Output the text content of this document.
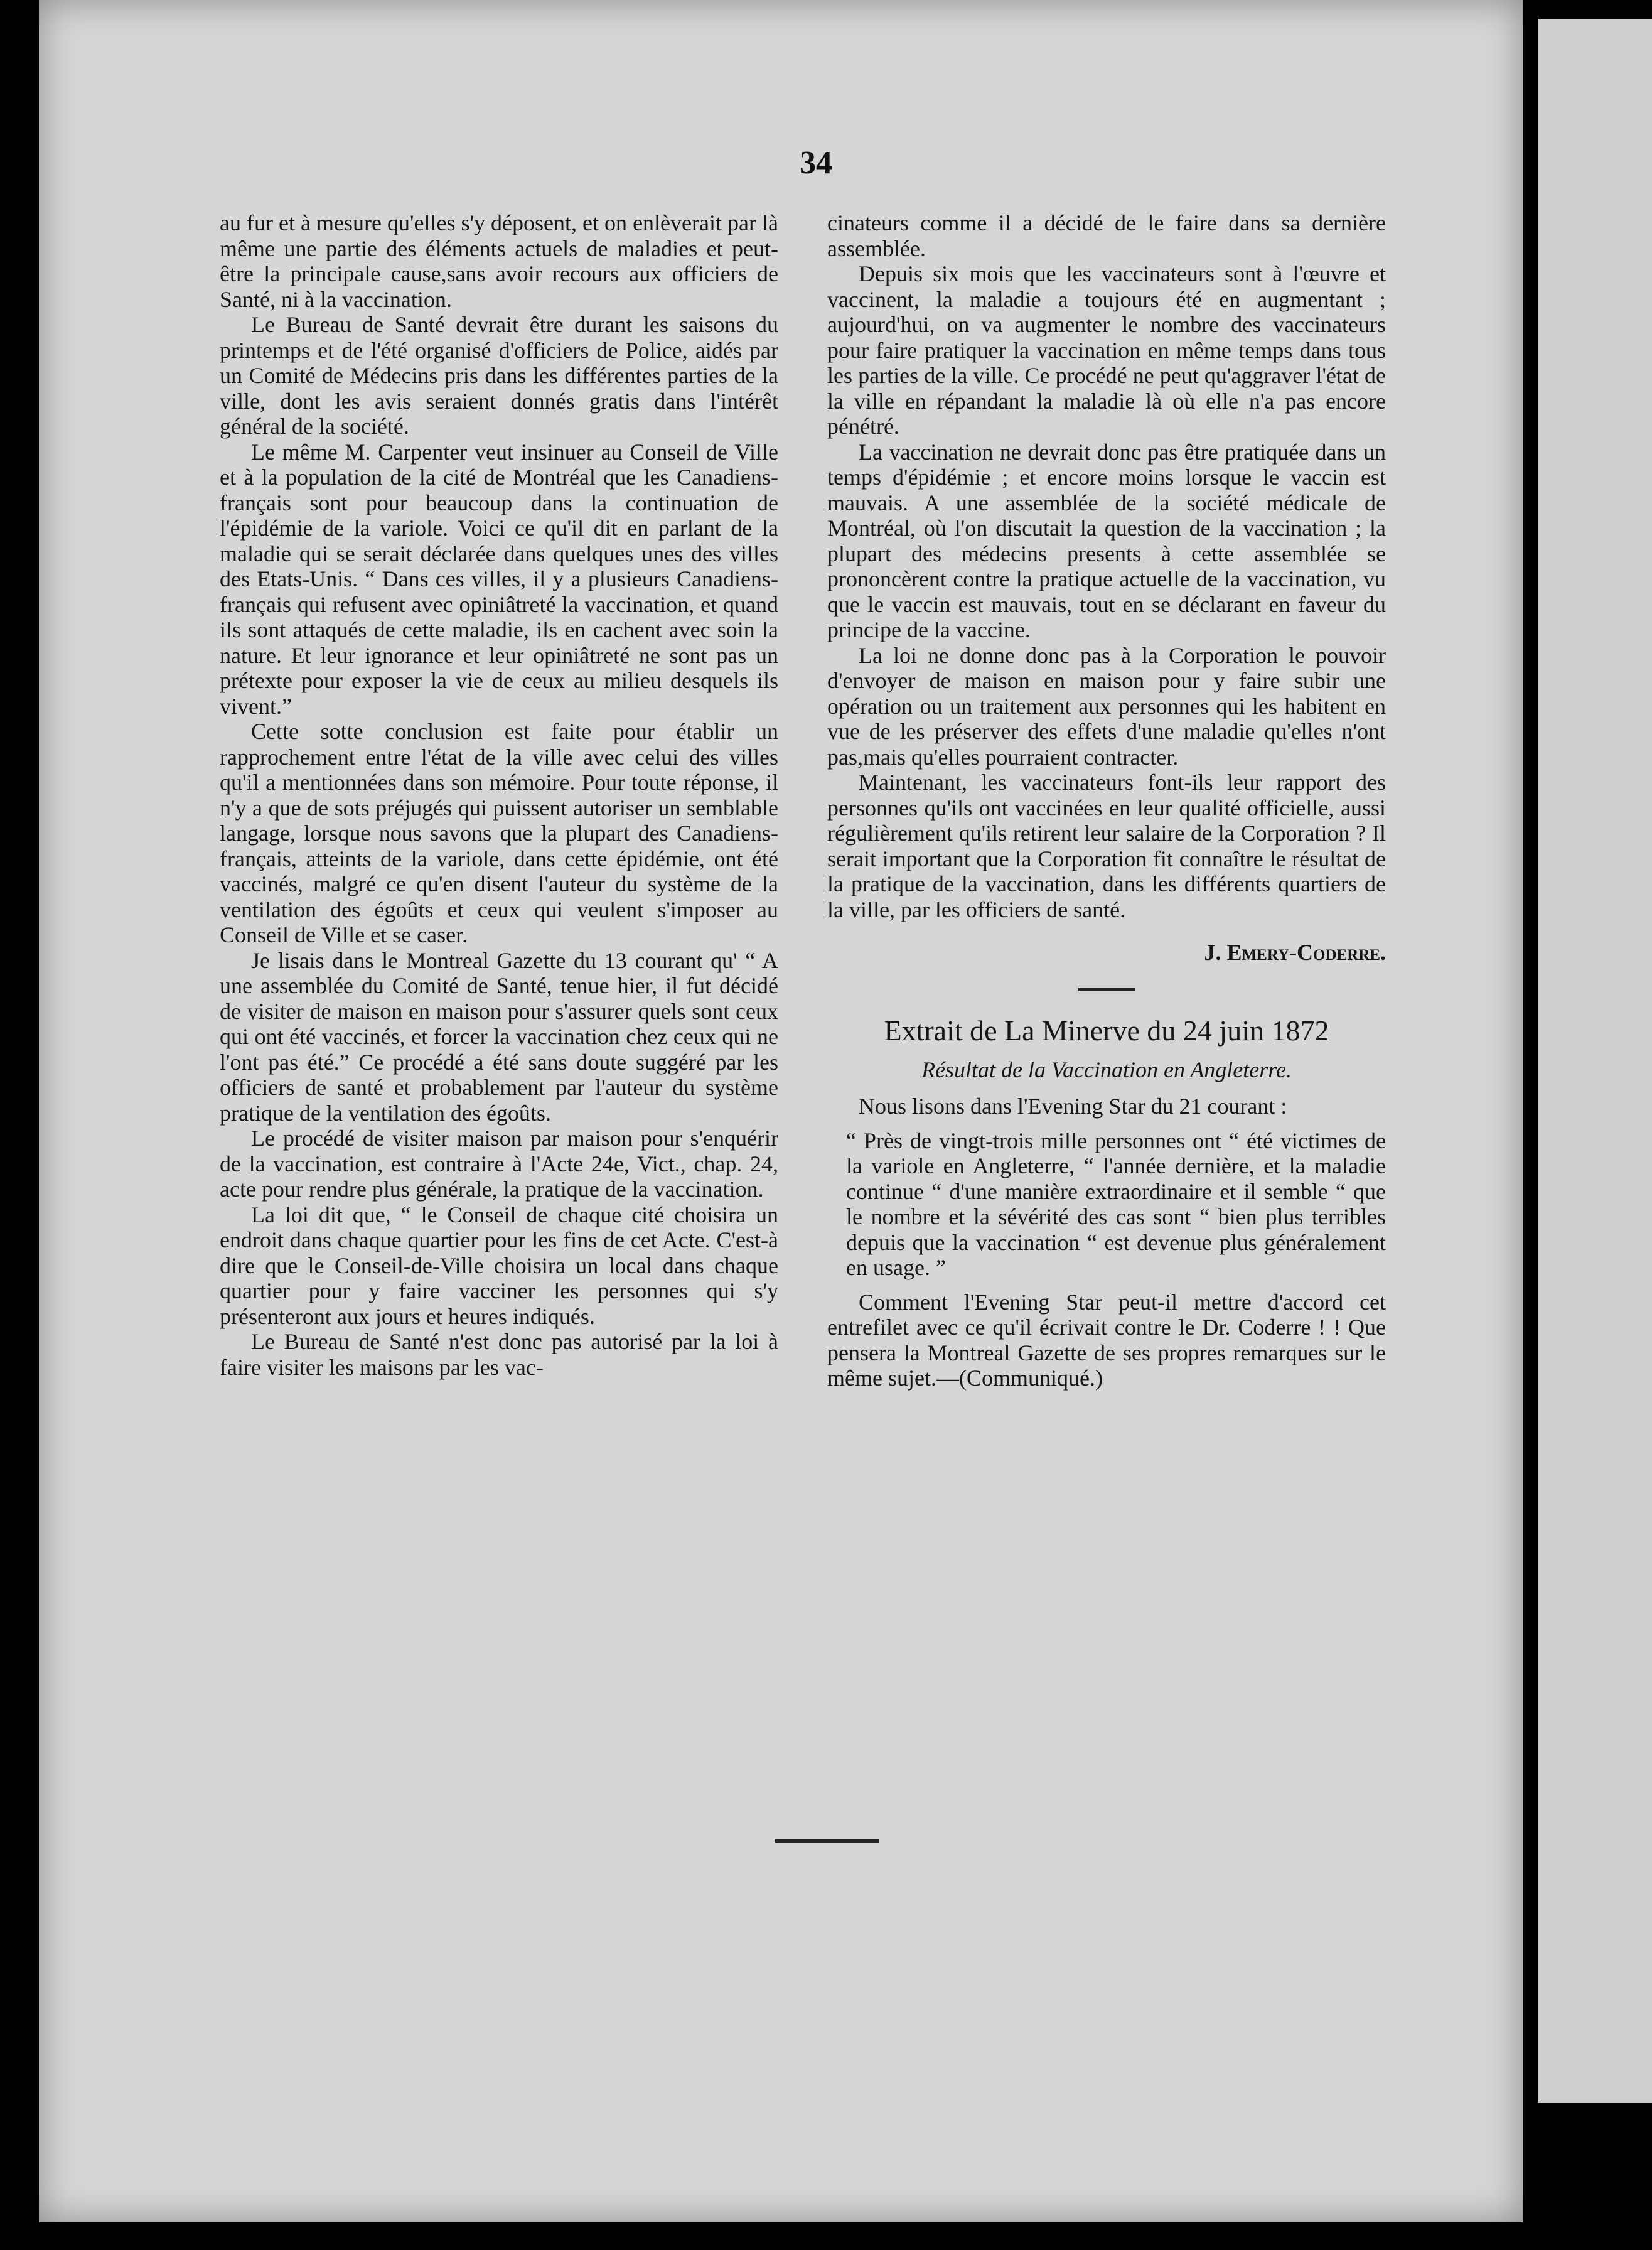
34

au fur et à mesure qu'elles s'y déposent, et on enlèverait par là même une partie des éléments actuels de maladies et peut-être la principale cause,sans avoir recours aux officiers de Santé, ni à la vaccination.

Le Bureau de Santé devrait être durant les saisons du printemps et de l'été organisé d'officiers de Police, aidés par un Comité de Médecins pris dans les différentes parties de la ville, dont les avis seraient donnés gratis dans l'intérêt général de la société.

Le même M. Carpenter veut insinuer au Conseil de Ville et à la population de la cité de Montréal que les Canadiens-français sont pour beaucoup dans la continuation de l'épidémie de la variole. Voici ce qu'il dit en parlant de la maladie qui se serait déclarée dans quelques unes des villes des Etats-Unis. “ Dans ces villes, il y a plusieurs Canadiens-français qui refusent avec opiniâtreté la vaccination, et quand ils sont attaqués de cette maladie, ils en cachent avec soin la nature. Et leur ignorance et leur opiniâtreté ne sont pas un prétexte pour exposer la vie de ceux au milieu desquels ils vivent.”

Cette sotte conclusion est faite pour établir un rapprochement entre l'état de la ville avec celui des villes qu'il a mentionnées dans son mémoire. Pour toute réponse, il n'y a que de sots préjugés qui puissent autoriser un semblable langage, lorsque nous savons que la plupart des Canadiens-français, atteints de la variole, dans cette épidémie, ont été vaccinés, malgré ce qu'en disent l'auteur du système de la ventilation des égoûts et ceux qui veulent s'imposer au Conseil de Ville et se caser.

Je lisais dans le Montreal Gazette du 13 courant qu' “ A une assemblée du Comité de Santé, tenue hier, il fut décidé de visiter de maison en maison pour s'assurer quels sont ceux qui ont été vaccinés, et forcer la vaccination chez ceux qui ne l'ont pas été.” Ce procédé a été sans doute suggéré par les officiers de santé et probablement par l'auteur du système pratique de la ventilation des égoûts.

Le procédé de visiter maison par maison pour s'enquérir de la vaccination, est contraire à l'Acte 24e, Vict., chap. 24, acte pour rendre plus générale, la pratique de la vaccination.

La loi dit que, “ le Conseil de chaque cité choisira un endroit dans chaque quartier pour les fins de cet Acte. C'est-à dire que le Conseil-de-Ville choisira un local dans chaque quartier pour y faire vacciner les personnes qui s'y présenteront aux jours et heures indiqués.

Le Bureau de Santé n'est donc pas autorisé par la loi à faire visiter les maisons par les vac-

cinateurs comme il a décidé de le faire dans sa dernière assemblée.

Depuis six mois que les vaccinateurs sont à l'œuvre et vaccinent, la maladie a toujours été en augmentant ; aujourd'hui, on va augmenter le nombre des vaccinateurs pour faire pratiquer la vaccination en même temps dans tous les parties de la ville. Ce procédé ne peut qu'aggraver l'état de la ville en répandant la maladie là où elle n'a pas encore pénétré.

La vaccination ne devrait donc pas être pratiquée dans un temps d'épidémie ; et encore moins lorsque le vaccin est mauvais. A une assemblée de la société médicale de Montréal, où l'on discutait la question de la vaccination ; la plupart des médecins presents à cette assemblée se prononcèrent contre la pratique actuelle de la vaccination, vu que le vaccin est mauvais, tout en se déclarant en faveur du principe de la vaccine.

La loi ne donne donc pas à la Corporation le pouvoir d'envoyer de maison en maison pour y faire subir une opération ou un traitement aux personnes qui les habitent en vue de les préserver des effets d'une maladie qu'elles n'ont pas,mais qu'elles pourraient contracter.

Maintenant, les vaccinateurs font-ils leur rapport des personnes qu'ils ont vaccinées en leur qualité officielle, aussi régulièrement qu'ils retirent leur salaire de la Corporation ? Il serait important que la Corporation fit connaître le résultat de la pratique de la vaccination, dans les différents quartiers de la ville, par les officiers de santé.

J. Emery-Coderre.

Extrait de La Minerve du 24 juin 1872

Résultat de la Vaccination en Angleterre.

Nous lisons dans l'Evening Star du 21 courant :

“ Près de vingt-trois mille personnes ont “ été victimes de la variole en Angleterre, “ l'année dernière, et la maladie continue “ d'une manière extraordinaire et il semble “ que le nombre et la sévérité des cas sont “ bien plus terribles depuis que la vaccination “ est devenue plus généralement en usage. ”

Comment l'Evening Star peut-il mettre d'accord cet entrefilet avec ce qu'il écrivait contre le Dr. Coderre ! ! Que pensera la Montreal Gazette de ses propres remarques sur le même sujet.—(Communiqué.)
